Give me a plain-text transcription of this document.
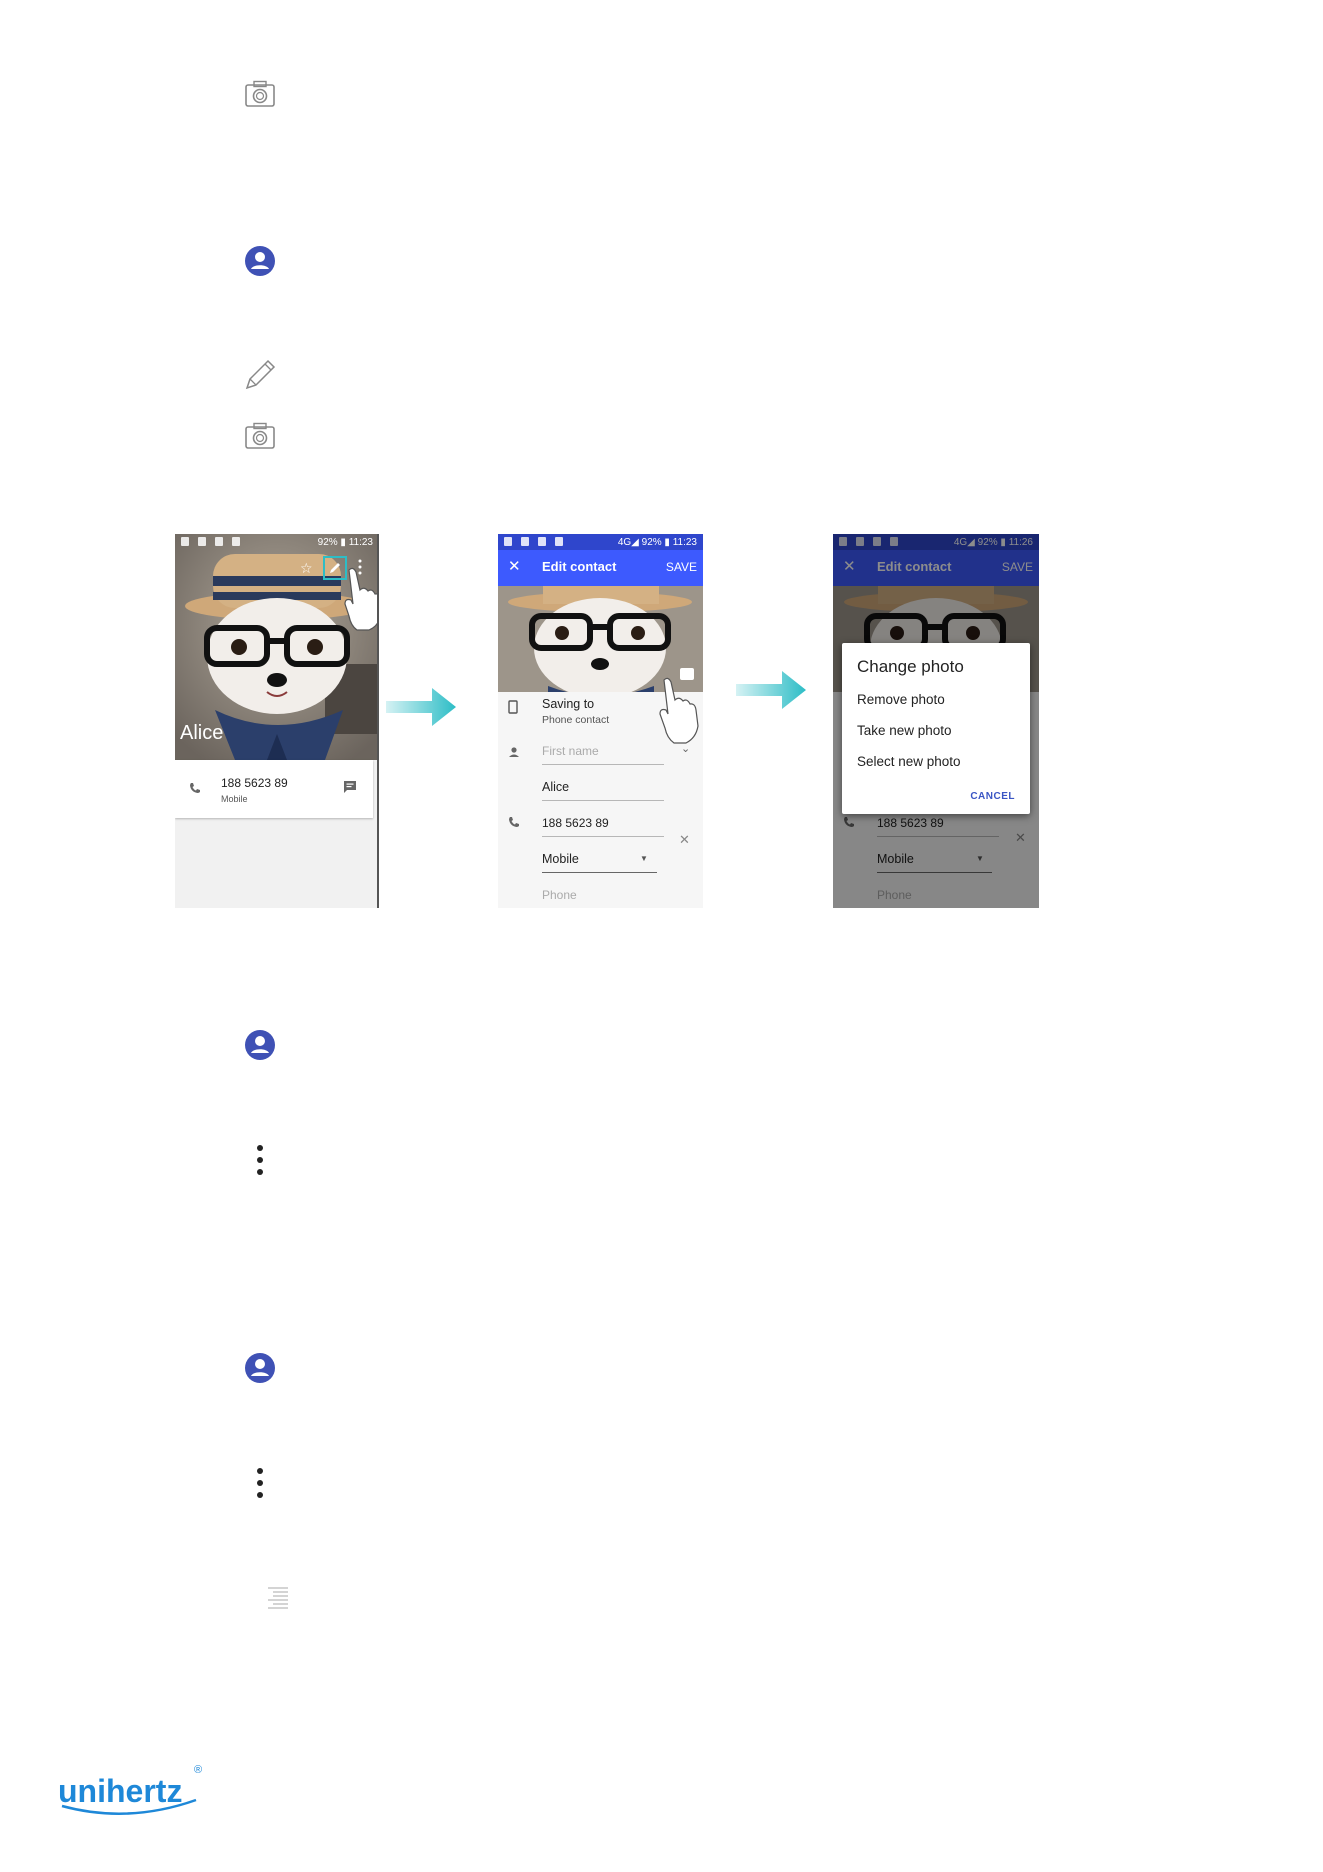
92% ▮ 11:23
☆
Alice
188 5623 89
Mobile
4G◢ 92% ▮ 11:23
✕ Edit contact	SAVE
Saving to
Phone contact
First name	⌄
Alice
188 5623 89
✕
Mobile	▼
Phone
4G◢ 92% ▮ 11:26
✕ Edit contact	SAVE
188 5623 89
✕
Mobile	▼
Phone
Change photo
Remove photo
Take new photo
Select new photo
CANCEL
unihertz
®
